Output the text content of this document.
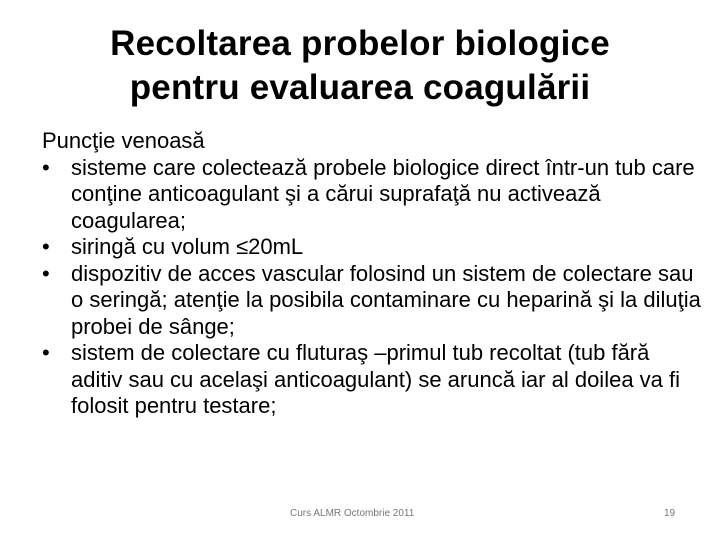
Recoltarea probelor biologice
pentru evaluarea coagulării
Puncţie venoasă
• sisteme care colectează probele biologice direct într-un tub care conţine anticoagulant şi a cărui suprafaţă nu activează coagularea;
• siringă cu volum ≤20mL
• dispozitiv de acces vascular folosind un sistem de colectare sau o seringă; atenţie la posibila contaminare cu heparină şi la diluţia probei de sânge;
• sistem de colectare cu fluturaş –primul tub recoltat (tub fără aditiv sau cu acelaşi anticoagulant) se aruncă iar al doilea va fi folosit pentru testare;
Curs ALMR Octombrie 2011	19
